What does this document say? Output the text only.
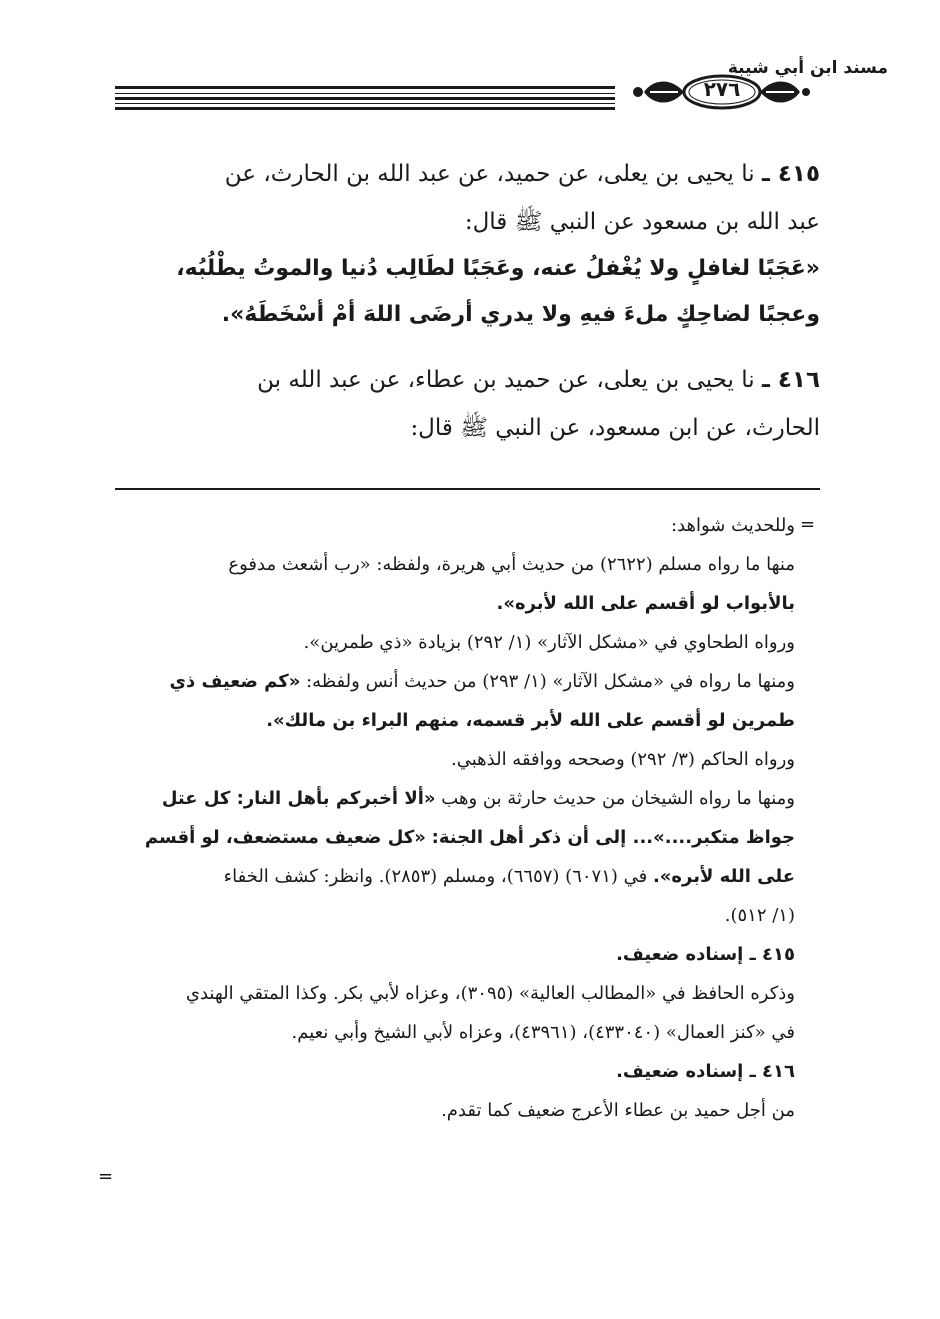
مسند ابن أبي شيبة
٢٧٦
٤١٥ ـ نا يحيى بن يعلى، عن حميد، عن عبد الله بن الحارث، عن
عبد الله بن مسعود عن النبي ﷺ قال:
«عَجَبًا لغافلٍ ولا يُغْفلُ عنه، وعَجَبًا لطَالِب دُنيا والموتُ يطْلُبُه،
وعجبًا لضاحِكٍ ملءَ فيهِ ولا يدري أرضَى اللهَ أمْ أسْخَطَهُ».
٤١٦ ـ نا يحيى بن يعلى، عن حميد بن عطاء، عن عبد الله بن
الحارث، عن ابن مسعود، عن النبي ﷺ قال:
=
وللحديث شواهد:
منها ما رواه مسلم (٢٦٢٢) من حديث أبي هريرة، ولفظه: «رب أشعث مدفوع
بالأبواب لو أقسم على الله لأبره».
ورواه الطحاوي في «مشكل الآثار» (١/ ٢٩٢) بزيادة «ذي طمرين».
ومنها ما رواه في «مشكل الآثار» (١/ ٢٩٣) من حديث أنس ولفظه: «كم ضعيف ذي
طمرين لو أقسم على الله لأبر قسمه، منهم البراء بن مالك».
ورواه الحاكم (٣/ ٢٩٢) وصححه ووافقه الذهبي.
ومنها ما رواه الشيخان من حديث حارثة بن وهب «ألا أخبركم بأهل النار: كل عتل
جواظ متكبر....»... إلى أن ذكر أهل الجنة: «كل ضعيف مستضعف، لو أقسم
على الله لأبره». في (٦٠٧١) (٦٦٥٧)، ومسلم (٢٨٥٣). وانظر: كشف الخفاء
(١/ ٥١٢).
٤١٥ ـ إسناده ضعيف.
وذكره الحافظ في «المطالب العالية» (٣٠٩٥)، وعزاه لأبي بكر. وكذا المتقي الهندي
في «كنز العمال» (٤٣٣٠٤٠)، (٤٣٩٦١)، وعزاه لأبي الشيخ وأبي نعيم.
٤١٦ ـ إسناده ضعيف.
من أجل حميد بن عطاء الأعرج ضعيف كما تقدم.
=
